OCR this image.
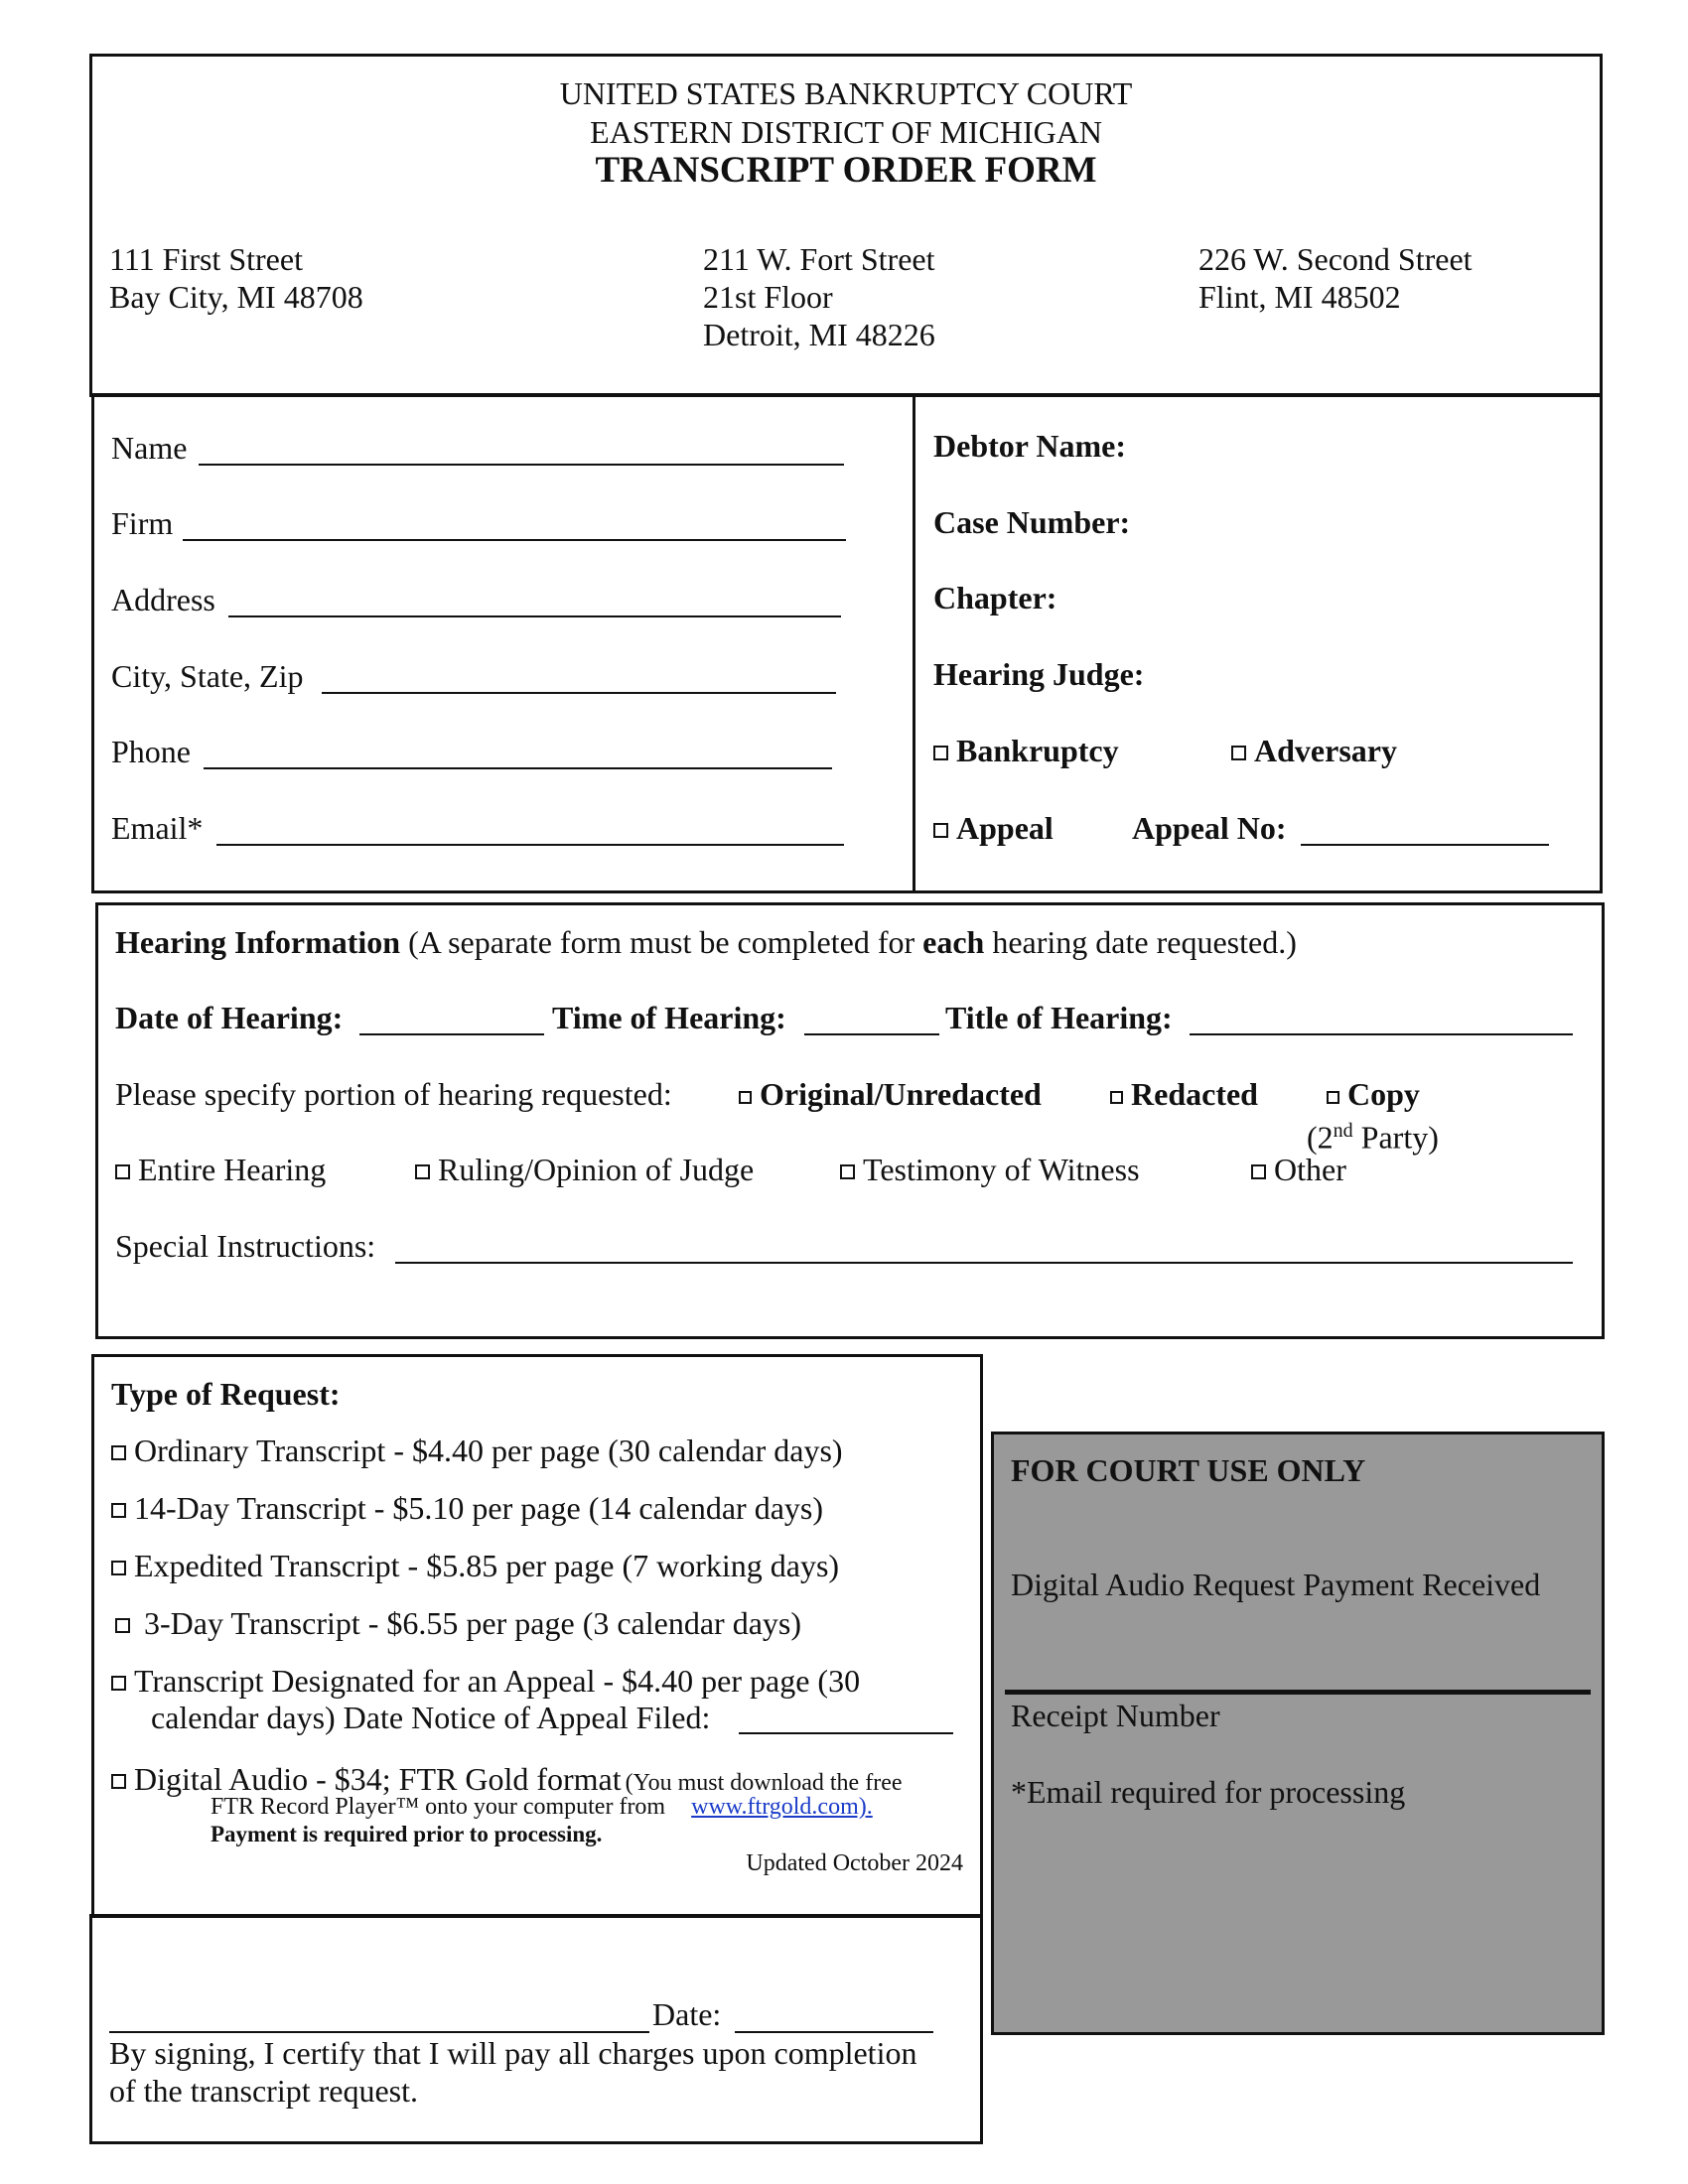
UNITED STATES BANKRUPTCY COURT
EASTERN DISTRICT OF MICHIGAN
TRANSCRIPT ORDER FORM
111 First Street
Bay City, MI 48708
211 W. Fort Street
21st Floor
Detroit, MI 48226
226 W. Second Street
Flint, MI 48502
Name
Firm
Address
City, State, Zip
Phone
Email*
Debtor Name:
Case Number:
Chapter:
Hearing Judge:
Bankruptcy	Adversary
Appeal Appeal No:
Hearing Information (A separate form must be completed for each hearing date requested.)
Date of Hearing:	Time of Hearing:	Title of Hearing:
Please specify portion of hearing requested:	Original/Unredacted	Redacted	Copy
(2nd Party)
Entire Hearing	Ruling/Opinion of Judge	Testimony of Witness	Other
Special Instructions:
Type of Request:
Ordinary Transcript - $4.40 per page (30 calendar days)
14-Day Transcript - $5.10 per page (14 calendar days)
Expedited Transcript - $5.85 per page (7 working days)
3-Day Transcript - $6.55 per page (3 calendar days)
Transcript Designated for an Appeal - $4.40 per page (30
calendar days) Date Notice of Appeal Filed:
Digital Audio - $34; FTR Gold format (You must download the free
FTR Record Player™ onto your computer from www.ftrgold.com).
Payment is required prior to processing.
Updated October 2024
Date:
By signing, I certify that I will pay all charges upon completion
of the transcript request.
FOR COURT USE ONLY
Digital Audio Request Payment Received
Receipt Number
*Email required for processing
